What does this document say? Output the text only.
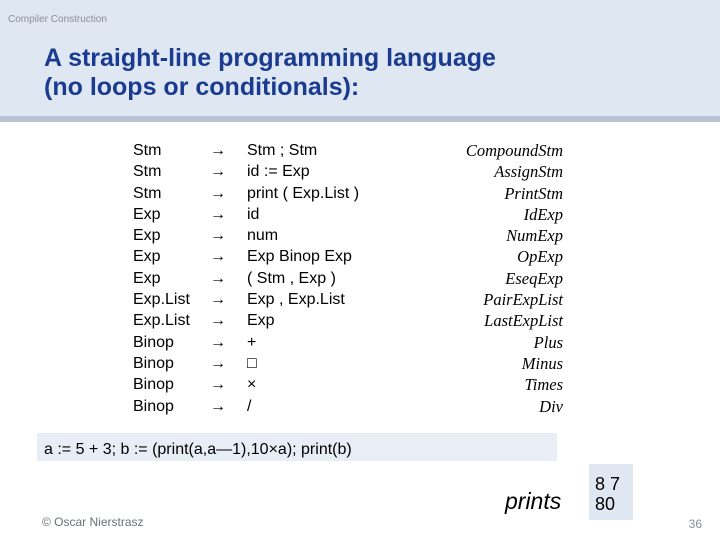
Compiler Construction
A straight-line programming language
(no loops or conditionals):
Stm	→ Stm ; Stm	CompoundStm
Stm	→ id := Exp	AssignStm
Stm	→ print ( Exp.List )	PrintStm
Exp	→ id	IdExp
Exp	→ num	NumExp
Exp	→ Exp Binop Exp	OpExp
Exp	→ ( Stm , Exp )	EseqExp
Exp.List → Exp , Exp.List	PairExpList
Exp.List → Exp	LastExpList
Binop → +	Plus
Binop → □	Minus
Binop → ×	Times
Binop → /	Div
a := 5 + 3; b := (print(a,a—1),10×a); print(b)
prints
8 7
80
© Oscar Nierstrasz	36
